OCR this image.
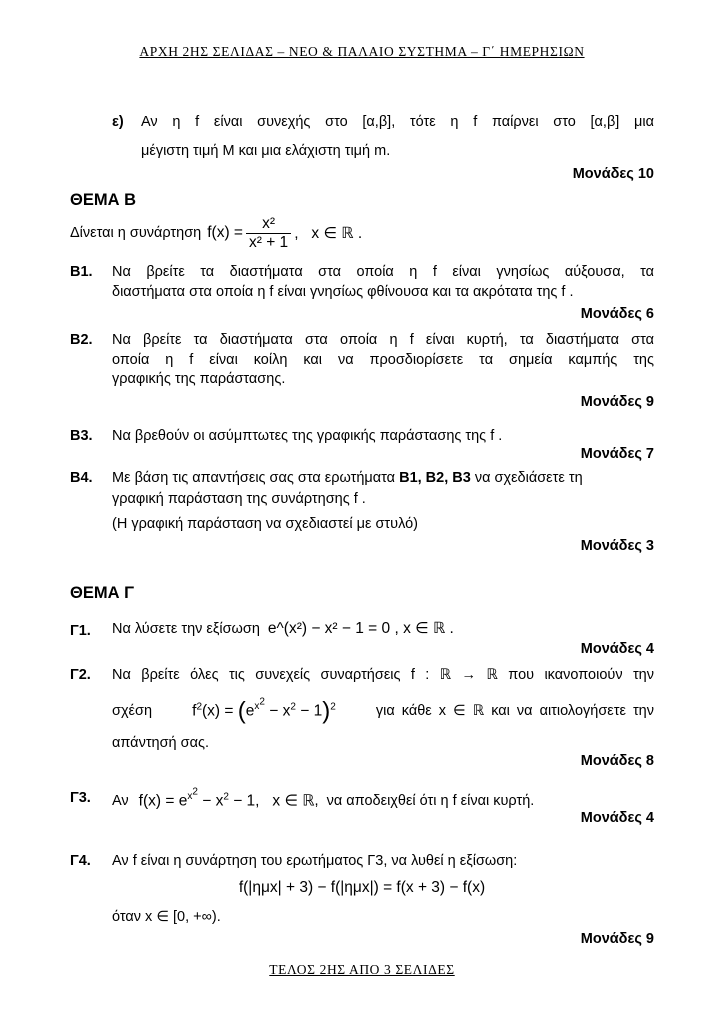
ΑΡΧΗ 2ΗΣ ΣΕΛΙΔΑΣ – ΝΕΟ & ΠΑΛΑΙΟ ΣΥΣΤΗΜΑ – Γ΄ ΗΜΕΡΗΣΙΩΝ
ε) Αν η f είναι συνεχής στο [α,β], τότε η f παίρνει στο [α,β] μια
μέγιστη τιμή Μ και μια ελάχιστη τιμή m.
Μονάδες 10
ΘΕΜΑ Β
Δίνεται η συνάρτηση $f(x) = \frac{\text{x²}}{\text{x² + 1}}$ ,   x ∈ ℝ .
Β1. Να βρείτε τα διαστήματα στα οποία η f είναι γνησίως αύξουσα, τα
διαστήματα στα οποία η f είναι γνησίως φθίνουσα και τα ακρότατα της f .
Μονάδες 6
Β2. Να βρείτε τα διαστήματα στα οποία η f είναι κυρτή, τα διαστήματα στα
οποία η f είναι κοίλη και να προσδιορίσετε τα σημεία καμπής της
γραφικής της παράστασης.
Μονάδες 9
Β3. Να βρεθούν οι ασύμπτωτες της γραφικής παράστασης της f .
Μονάδες 7
Β4. Με βάση τις απαντήσεις σας στα ερωτήματα Β1, Β2, Β3 να σχεδιάσετε τη
γραφική παράσταση της συνάρτησης f .
(Η γραφική παράσταση να σχεδιαστεί με στυλό)
Μονάδες 3
ΘΕΜΑ Γ
Γ1. Να λύσετε την εξίσωση e^(x²) − x² − 1 = 0 , x ∈ ℝ .
Μονάδες 4
Γ2. Να βρείτε όλες τις συνεχείς συναρτήσεις f : ℝ → ℝ που ικανοποιούν την
σχέση	$f^2(x) = (e^{x^2} - x^2 - 1)^2$	για κάθε x ∈ ℝ και να αιτιολογήσετε την
απάντησή σας.
Μονάδες 8
Γ3. Αν $f(x) = e^{x^2} - x^2 - 1$,   x ∈ ℝ ,  να αποδειχθεί ότι η f είναι κυρτή.
Μονάδες 4
Γ4. Αν f είναι η συνάρτηση του ερωτήματος Γ3, να λυθεί η εξίσωση:
f(|ημx| + 3) − f(|ημx|) = f(x + 3) − f(x)
όταν x ∈ [0, +∞).
Μονάδες 9
ΤΕΛΟΣ 2ΗΣ ΑΠΟ 3 ΣΕΛΙΔΕΣ
